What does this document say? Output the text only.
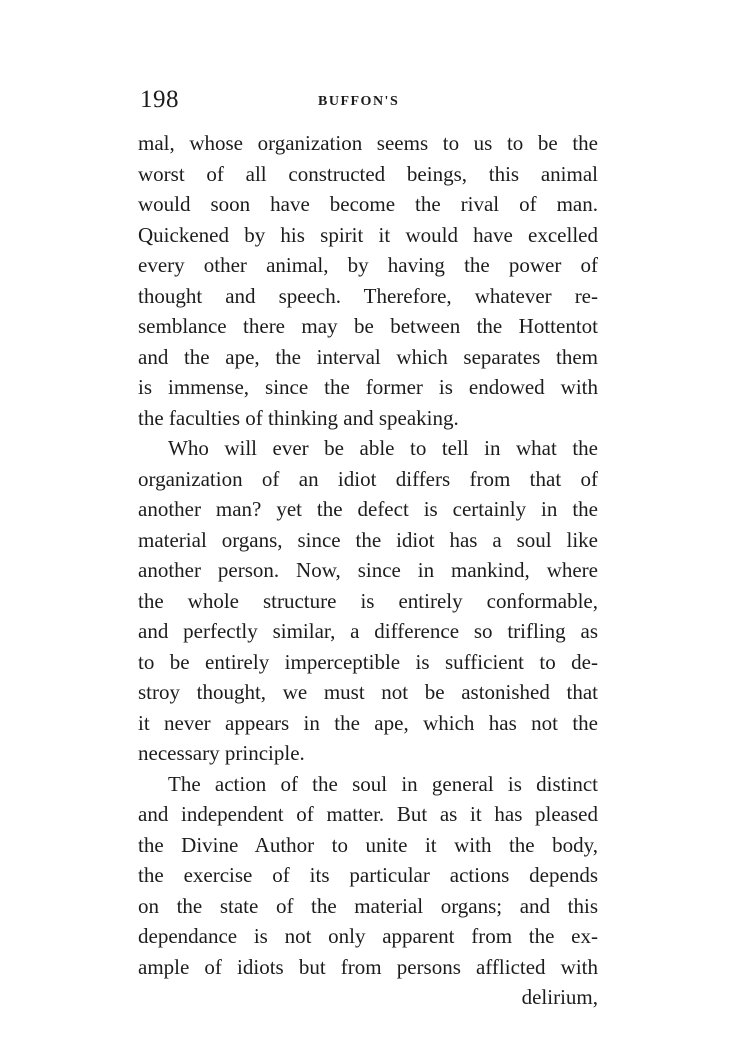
198	BUFFON'S
mal, whose organization seems to us to be the
worst of all constructed beings, this animal
would soon have become the rival of man.
Quickened by his spirit it would have excelled
every other animal, by having the power of
thought and speech. Therefore, whatever re-
semblance there may be between the Hottentot
and the ape, the interval which separates them
is immense, since the former is endowed with
the faculties of thinking and speaking.
Who will ever be able to tell in what the
organization of an idiot differs from that of
another man? yet the defect is certainly in the
material organs, since the idiot has a soul like
another person. Now, since in mankind, where
the whole structure is entirely conformable,
and perfectly similar, a difference so trifling as
to be entirely imperceptible is sufficient to de-
stroy thought, we must not be astonished that
it never appears in the ape, which has not the
necessary principle.
The action of the soul in general is distinct
and independent of matter. But as it has pleased
the Divine Author to unite it with the body,
the exercise of its particular actions depends
on the state of the material organs; and this
dependance is not only apparent from the ex-
ample of idiots but from persons afflicted with
delirium,
